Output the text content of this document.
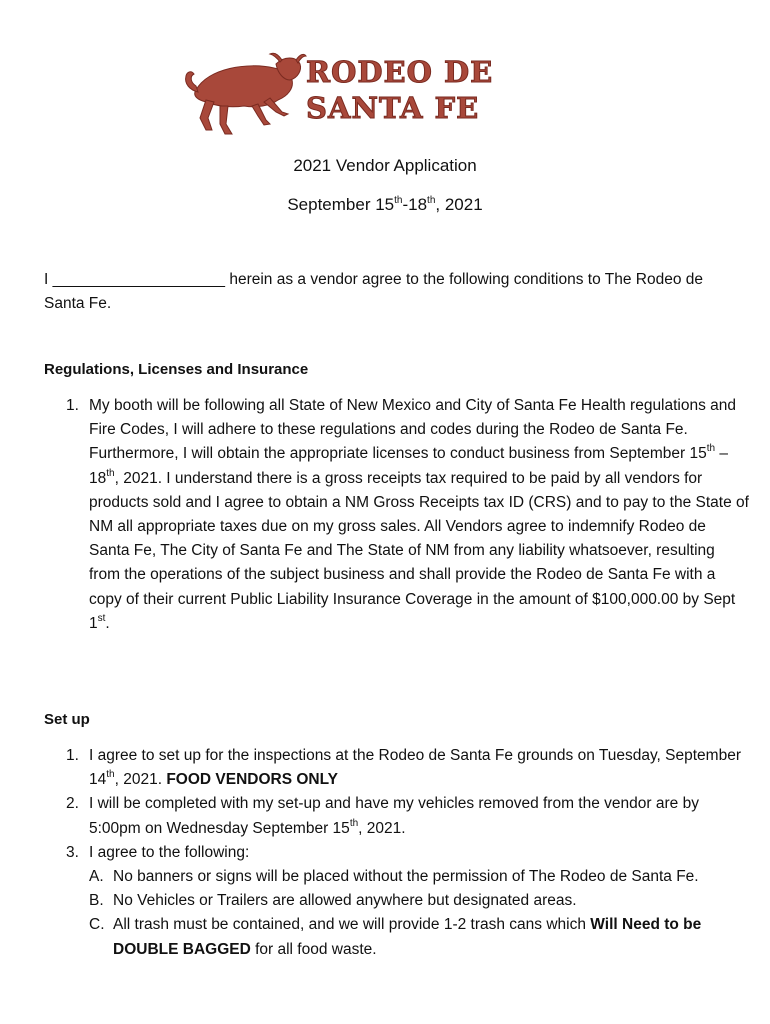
RODEO DE
SANTA FE
2021 Vendor Application
September 15th-18th, 2021
I ____________________ herein as a vendor agree to the following conditions to The Rodeo de Santa Fe.
Regulations, Licenses and Insurance
1. My booth will be following all State of New Mexico and City of Santa Fe Health regulations and Fire Codes, I will adhere to these regulations and codes during the Rodeo de Santa Fe. Furthermore, I will obtain the appropriate licenses to conduct business from September 15th – 18th, 2021. I understand there is a gross receipts tax required to be paid by all vendors for products sold and I agree to obtain a NM Gross Receipts tax ID (CRS) and to pay to the State of NM all appropriate taxes due on my gross sales. All Vendors agree to indemnify Rodeo de Santa Fe, The City of Santa Fe and The State of NM from any liability whatsoever, resulting from the operations of the subject business and shall provide the Rodeo de Santa Fe with a copy of their current Public Liability Insurance Coverage in the amount of $100,000.00 by Sept 1st.
Set up
1. I agree to set up for the inspections at the Rodeo de Santa Fe grounds on Tuesday, September 14th, 2021. FOOD VENDORS ONLY
2. I will be completed with my set-up and have my vehicles removed from the vendor are by 5:00pm on Wednesday September 15th, 2021.
3. I agree to the following:
A. No banners or signs will be placed without the permission of The Rodeo de Santa Fe.
B. No Vehicles or Trailers are allowed anywhere but designated areas.
C. All trash must be contained, and we will provide 1-2 trash cans which Will Need to be DOUBLE BAGGED for all food waste.
